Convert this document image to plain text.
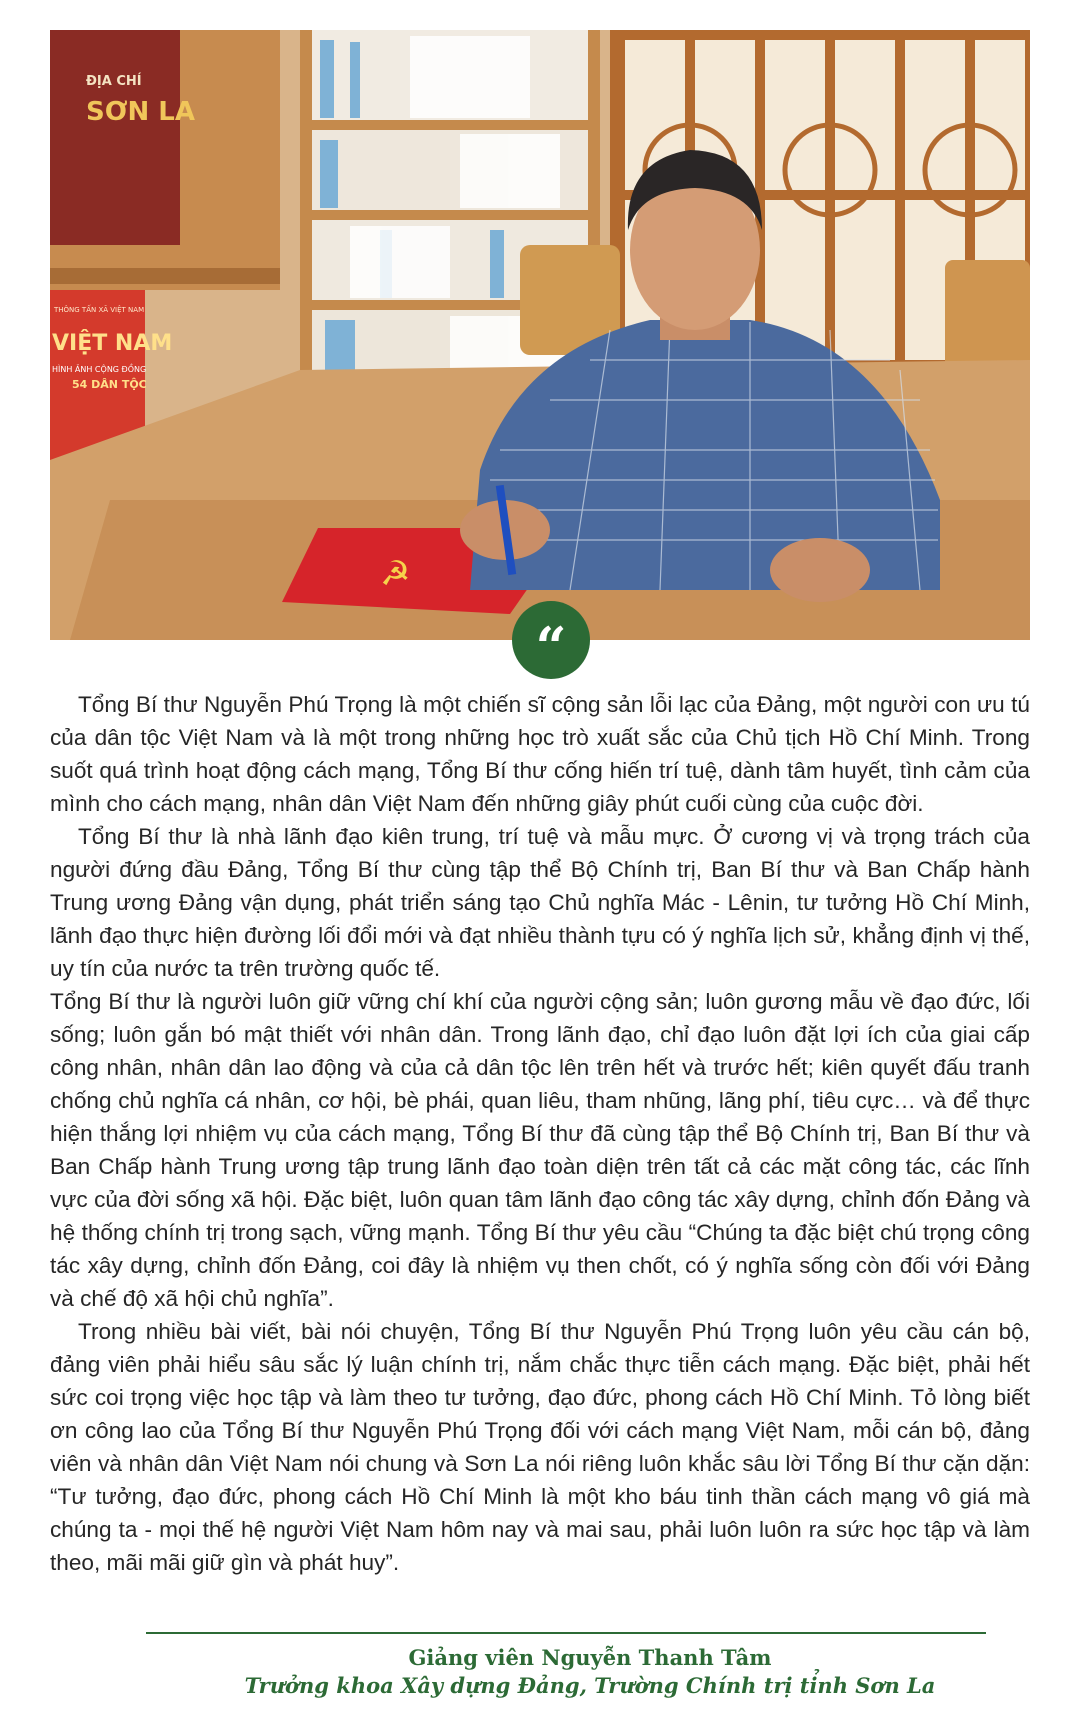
ĐỊA CHÍ
SƠN LA
THÔNG TẤN XÃ VIỆT NAM
VIỆT NAM
HÌNH ẢNH CỘNG ĐỒNG
54 DÂN TỘC
☭
“

Tổng Bí thư Nguyễn Phú Trọng là một chiến sĩ cộng sản lỗi lạc của Đảng, một người con ưu tú của dân tộc Việt Nam và là một trong những học trò xuất sắc của Chủ tịch Hồ Chí Minh. Trong suốt quá trình hoạt động cách mạng, Tổng Bí thư cống hiến trí tuệ, dành tâm huyết, tình cảm của mình cho cách mạng, nhân dân Việt Nam đến những giây phút cuối cùng của cuộc đời.

Tổng Bí thư là nhà lãnh đạo kiên trung, trí tuệ và mẫu mực. Ở cương vị và trọng trách của người đứng đầu Đảng, Tổng Bí thư cùng tập thể Bộ Chính trị, Ban Bí thư và Ban Chấp hành Trung ương Đảng vận dụng, phát triển sáng tạo Chủ nghĩa Mác - Lênin, tư tưởng Hồ Chí Minh, lãnh đạo thực hiện đường lối đổi mới và đạt nhiều thành tựu có ý nghĩa lịch sử, khẳng định vị thế, uy tín của nước ta trên trường quốc tế.

Tổng Bí thư là người luôn giữ vững chí khí của người cộng sản; luôn gương mẫu về đạo đức, lối sống; luôn gắn bó mật thiết với nhân dân. Trong lãnh đạo, chỉ đạo luôn đặt lợi ích của giai cấp công nhân, nhân dân lao động và của cả dân tộc lên trên hết và trước hết; kiên quyết đấu tranh chống chủ nghĩa cá nhân, cơ hội, bè phái, quan liêu, tham nhũng, lãng phí, tiêu cực… và để thực hiện thắng lợi nhiệm vụ của cách mạng, Tổng Bí thư đã cùng tập thể Bộ Chính trị, Ban Bí thư và Ban Chấp hành Trung ương tập trung lãnh đạo toàn diện trên tất cả các mặt công tác, các lĩnh vực của đời sống xã hội. Đặc biệt, luôn quan tâm lãnh đạo công tác xây dựng, chỉnh đốn Đảng và hệ thống chính trị trong sạch, vững mạnh. Tổng Bí thư yêu cầu “Chúng ta đặc biệt chú trọng công tác xây dựng, chỉnh đốn Đảng, coi đây là nhiệm vụ then chốt, có ý nghĩa sống còn đối với Đảng và chế độ xã hội chủ nghĩa”.

Trong nhiều bài viết, bài nói chuyện, Tổng Bí thư Nguyễn Phú Trọng luôn yêu cầu cán bộ, đảng viên phải hiểu sâu sắc lý luận chính trị, nắm chắc thực tiễn cách mạng. Đặc biệt, phải hết sức coi trọng việc học tập và làm theo tư tưởng, đạo đức, phong cách Hồ Chí Minh. Tỏ lòng biết ơn công lao của Tổng Bí thư Nguyễn Phú Trọng đối với cách mạng Việt Nam, mỗi cán bộ, đảng viên và nhân dân Việt Nam nói chung và Sơn La nói riêng luôn khắc sâu lời Tổng Bí thư cặn dặn: “Tư tưởng, đạo đức, phong cách Hồ Chí Minh là một kho báu tinh thần cách mạng vô giá mà chúng ta - mọi thế hệ người Việt Nam hôm nay và mai sau, phải luôn luôn ra sức học tập và làm theo, mãi mãi giữ gìn và phát huy”.

Giảng viên Nguyễn Thanh Tâm
Trưởng khoa Xây dựng Đảng, Trường Chính trị tỉnh Sơn La
